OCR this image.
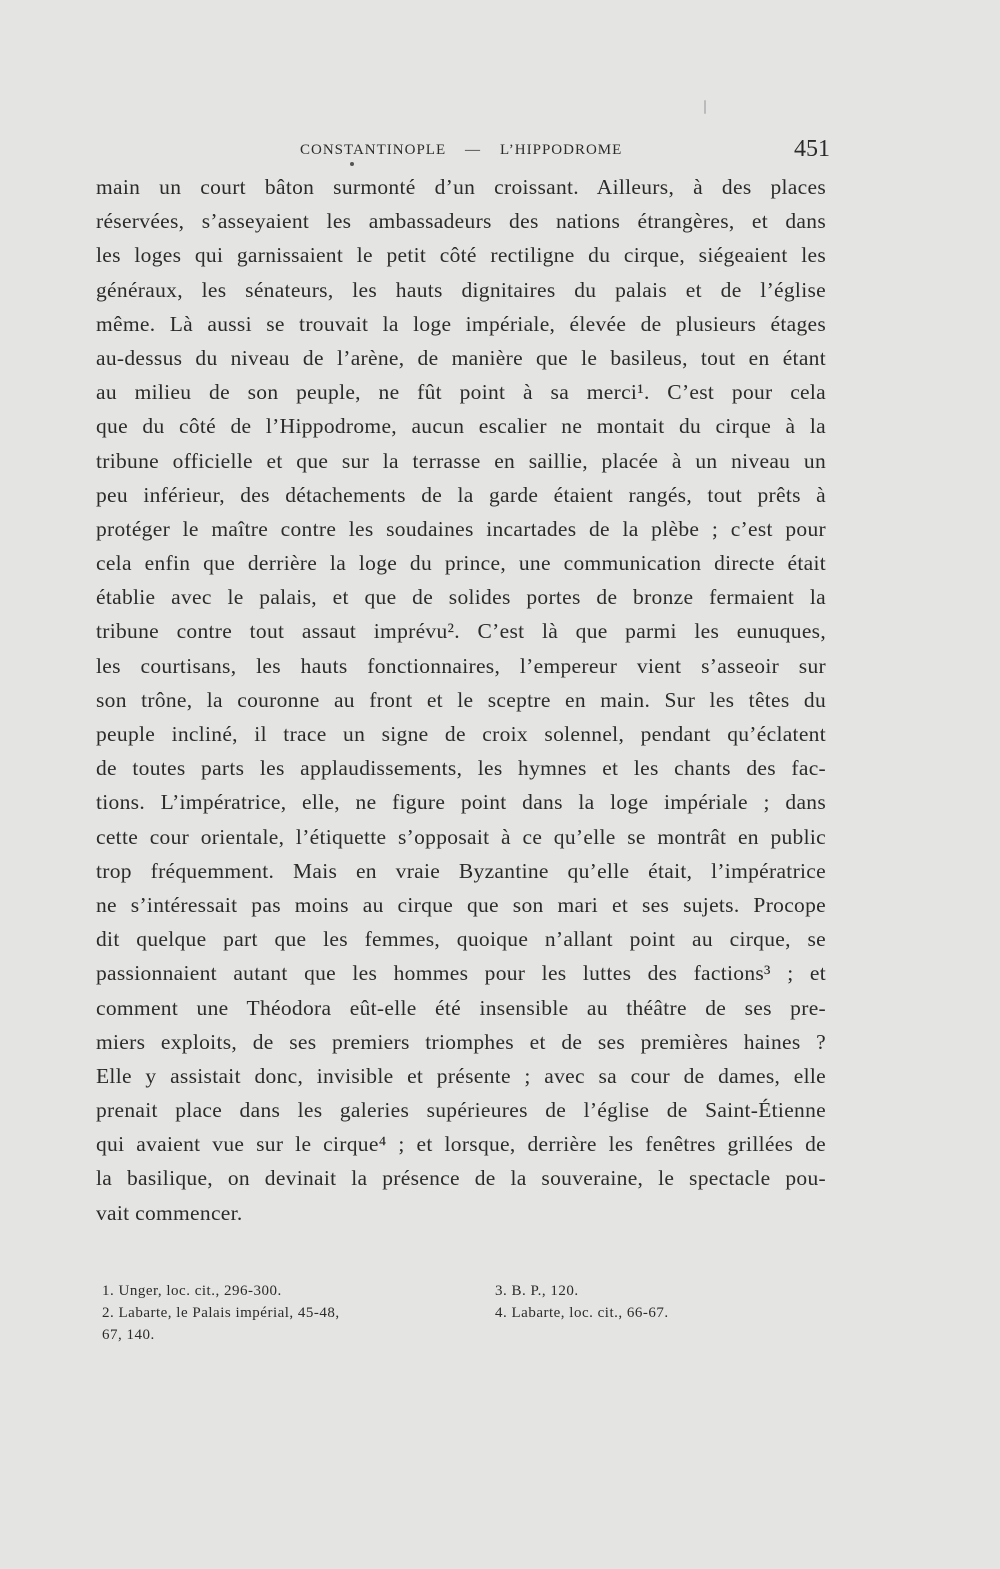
CONSTANTINOPLE — L’HIPPODROME	451
main un court bâton surmonté d’un croissant. Ailleurs, à des places
réservées, s’asseyaient les ambassadeurs des nations étrangères, et dans
les loges qui garnissaient le petit côté rectiligne du cirque, siégeaient les
généraux, les sénateurs, les hauts dignitaires du palais et de l’église
même. Là aussi se trouvait la loge impériale, élevée de plusieurs étages
au-dessus du niveau de l’arène, de manière que le basileus, tout en étant
au milieu de son peuple, ne fût point à sa merci¹. C’est pour cela
que du côté de l’Hippodrome, aucun escalier ne montait du cirque à la
tribune officielle et que sur la terrasse en saillie, placée à un niveau un
peu inférieur, des détachements de la garde étaient rangés, tout prêts à
protéger le maître contre les soudaines incartades de la plèbe ; c’est pour
cela enfin que derrière la loge du prince, une communication directe était
établie avec le palais, et que de solides portes de bronze fermaient la
tribune contre tout assaut imprévu². C’est là que parmi les eunuques,
les courtisans, les hauts fonctionnaires, l’empereur vient s’asseoir sur
son trône, la couronne au front et le sceptre en main. Sur les têtes du
peuple incliné, il trace un signe de croix solennel, pendant qu’éclatent
de toutes parts les applaudissements, les hymnes et les chants des fac-
tions. L’impératrice, elle, ne figure point dans la loge impériale ; dans
cette cour orientale, l’étiquette s’opposait à ce qu’elle se montrât en public
trop fréquemment. Mais en vraie Byzantine qu’elle était, l’impératrice
ne s’intéressait pas moins au cirque que son mari et ses sujets. Procope
dit quelque part que les femmes, quoique n’allant point au cirque, se
passionnaient autant que les hommes pour les luttes des factions³ ; et
comment une Théodora eût-elle été insensible au théâtre de ses pre-
miers exploits, de ses premiers triomphes et de ses premières haines ?
Elle y assistait donc, invisible et présente ; avec sa cour de dames, elle
prenait place dans les galeries supérieures de l’église de Saint-Étienne
qui avaient vue sur le cirque⁴ ; et lorsque, derrière les fenêtres grillées de
la basilique, on devinait la présence de la souveraine, le spectacle pou-
vait commencer.
1. Unger, loc. cit., 296-300.
2. Labarte, le Palais impérial, 45-48,
67, 140.
3. B. P., 120.
4. Labarte, loc. cit., 66-67.
